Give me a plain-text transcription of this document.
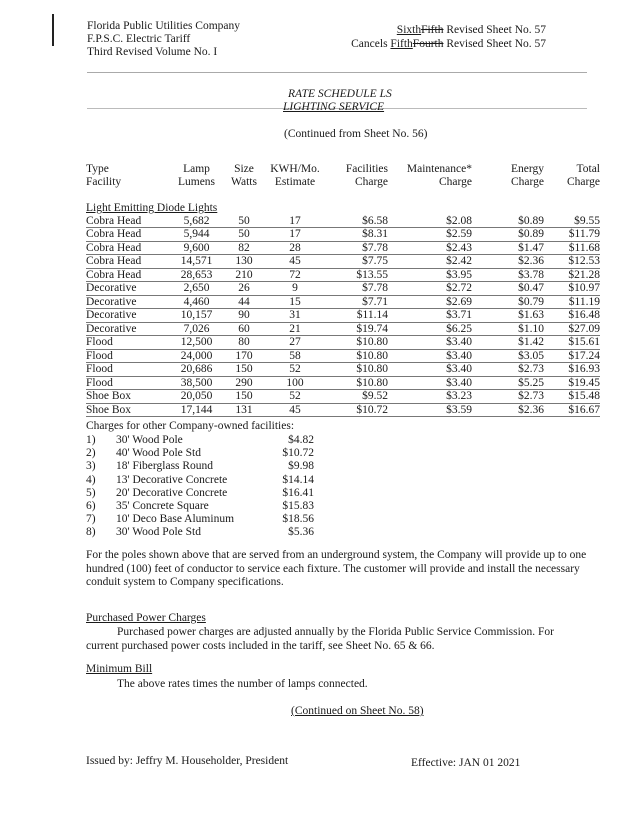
Florida Public Utilities Company
F.P.S.C. Electric Tariff
Third Revised Volume No. I
SixthFifth Revised Sheet No. 57
Cancels FifthFourth Revised Sheet No. 57
RATE SCHEDULE LS
LIGHTING SERVICE
(Continued from Sheet No. 56)
Type	Lamp	Size	KWH/Mo.	Facilities	Maintenance*	Energy	Total
Facility	Lumens	Watts	Estimate	Charge	Charge	Charge	Charge

Light Emitting Diode Lights							
Cobra Head	5,682	50	17	$6.58	$2.08	$0.89	$9.55
Cobra Head	5,944	50	17	$8.31	$2.59	$0.89	$11.79
Cobra Head	9,600	82	28	$7.78	$2.43	$1.47	$11.68
Cobra Head	14,571	130	45	$7.75	$2.42	$2.36	$12.53
Cobra Head	28,653	210	72	$13.55	$3.95	$3.78	$21.28
Decorative	2,650	26	9	$7.78	$2.72	$0.47	$10.97
Decorative	4,460	44	15	$7.71	$2.69	$0.79	$11.19
Decorative	10,157	90	31	$11.14	$3.71	$1.63	$16.48
Decorative	7,026	60	21	$19.74	$6.25	$1.10	$27.09
Flood	12,500	80	27	$10.80	$3.40	$1.42	$15.61
Flood	24,000	170	58	$10.80	$3.40	$3.05	$17.24
Flood	20,686	150	52	$10.80	$3.40	$2.73	$16.93
Flood	38,500	290	100	$10.80	$3.40	$5.25	$19.45
Shoe Box	20,050	150	52	$9.52	$3.23	$2.73	$15.48
Shoe Box	17,144	131	45	$10.72	$3.59	$2.36	$16.67
Charges for other Company-owned facilities:
1)	30' Wood Pole	$4.82
2)	40' Wood Pole Std	$10.72
3)	18' Fiberglass Round	$9.98
4)	13' Decorative Concrete	$14.14
5)	20' Decorative Concrete	$16.41
6)	35' Concrete Square	$15.83
7)	10' Deco Base Aluminum	$18.56
8)	30' Wood Pole Std	$5.36
For the poles shown above that are served from an underground system, the Company will provide up to one hundred (100) feet of conductor to service each fixture. The customer will provide and install the necessary conduit system to Company specifications.
Purchased Power Charges
Purchased power charges are adjusted annually by the Florida Public Service Commission. For current purchased power costs included in the tariff, see Sheet No. 65 & 66.
Minimum Bill
The above rates times the number of lamps connected.
(Continued on Sheet No. 58)
Issued by: Jeffry M. Householder, President	Effective: JAN 01 2021
